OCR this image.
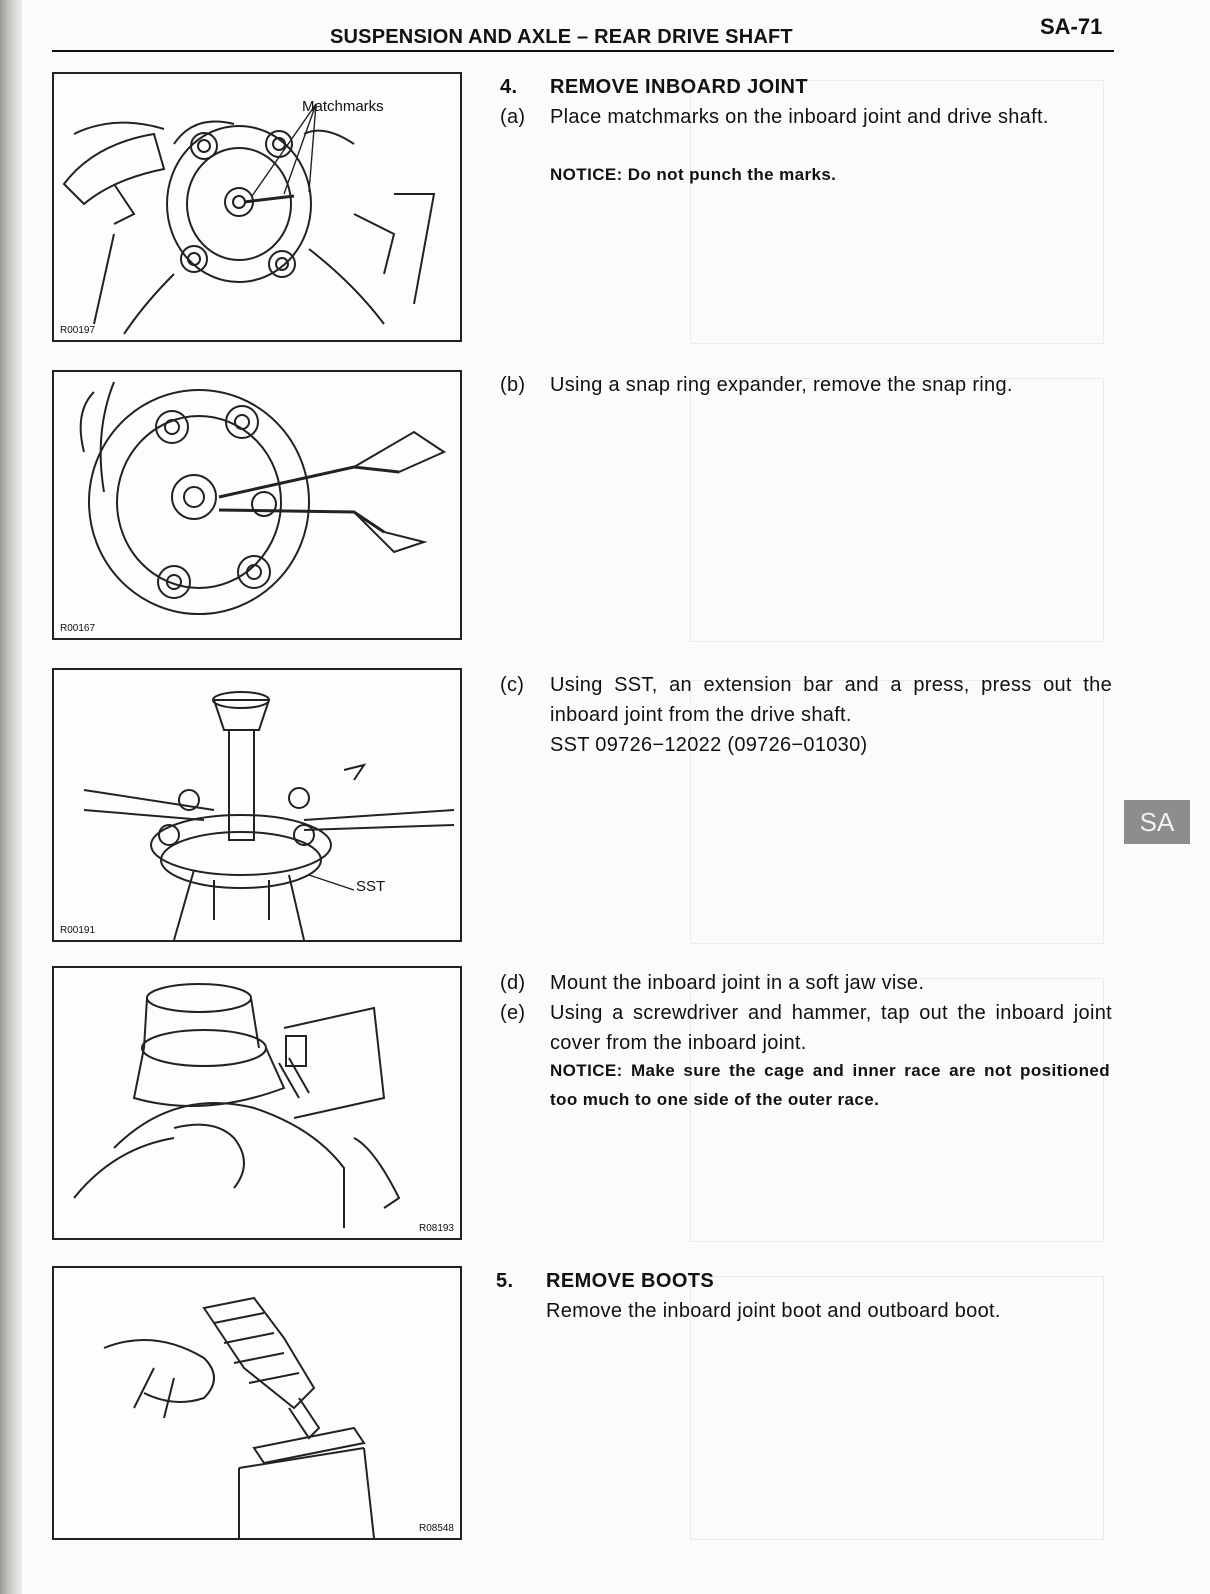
SUSPENSION AND AXLE – REAR DRIVE SHAFT	SA-71
Matchmarks
R00197
R00167
SST
R00191
R08193
R08548
4. REMOVE INBOARD JOINT
(a) Place matchmarks on the inboard joint and drive shaft.
NOTICE: Do not punch the marks.
(b) Using a snap ring expander, remove the snap ring.
(c) Using SST, an extension bar and a press, press out the inboard joint from the drive shaft.
SST 09726−12022 (09726−01030)
(d) Mount the inboard joint in a soft jaw vise.
(e) Using a screwdriver and hammer, tap out the inboard joint cover from the inboard joint.
NOTICE: Make sure the cage and inner race are not positioned too much to one side of the outer race.
5. REMOVE BOOTS
Remove the inboard joint boot and outboard boot.
SA
